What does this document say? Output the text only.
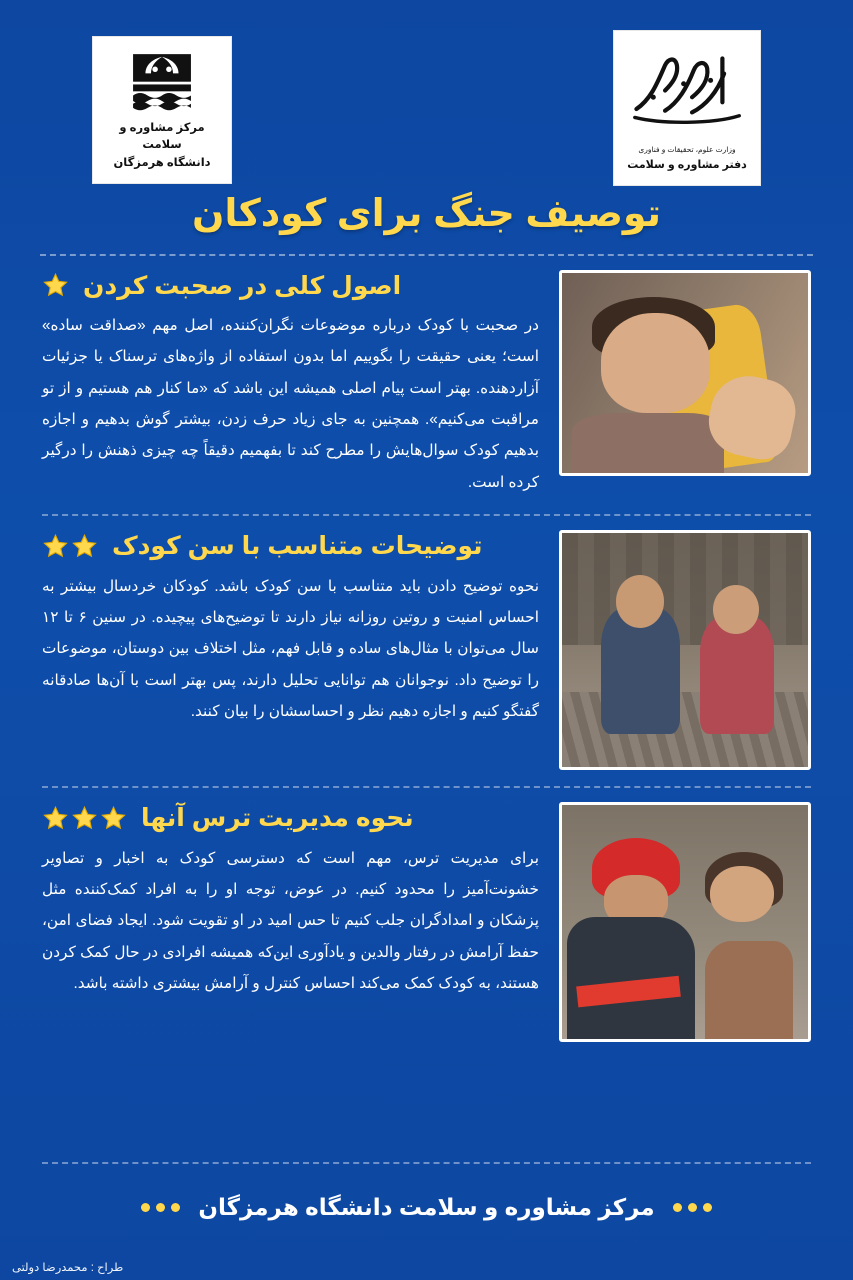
مرکز مشاوره و سلامت
دانشگاه هرمزگان
وزارت علوم، تحقیقات و فناوری
دفتر مشاوره و سلامت
توصیف جنگ برای کودکان
اصول کلی در صحبت کردن
در صحبت با کودک درباره موضوعات نگران‌کننده، اصل مهم «صداقت ساده» است؛ یعنی حقیقت را بگوییم اما بدون استفاده از واژه‌های ترسناک یا جزئیات آزاردهنده. بهتر است پیام اصلی همیشه این باشد که «ما کنار هم هستیم و از تو مراقبت می‌کنیم». همچنین به جای زیاد حرف زدن، بیشتر گوش بدهیم و اجازه بدهیم کودک سوال‌هایش را مطرح کند تا بفهمیم دقیقاً چه چیزی ذهنش را درگیر کرده است.
توضیحات متناسب با سن کودک
نحوه توضیح دادن باید متناسب با سن کودک باشد. کودکان خردسال بیشتر به احساس امنیت و روتین روزانه نیاز دارند تا توضیح‌های پیچیده. در سنین ۶ تا ۱۲ سال می‌توان با مثال‌های ساده و قابل فهم، مثل اختلاف بین دوستان، موضوعات را توضیح داد. نوجوانان هم توانایی تحلیل دارند، پس بهتر است با آن‌ها صادقانه گفتگو کنیم و اجازه دهیم نظر و احساسشان را بیان کنند.
نحوه مدیریت ترس آنها
برای مدیریت ترس، مهم است که دسترسی کودک به اخبار و تصاویر خشونت‌آمیز را محدود کنیم. در عوض، توجه او را به افراد کمک‌کننده مثل پزشکان و امدادگران جلب کنیم تا حس امید در او تقویت شود. ایجاد فضای امن، حفظ آرامش در رفتار والدین و یادآوری این‌که همیشه افرادی در حال کمک کردن هستند، به کودک کمک می‌کند احساس کنترل و آرامش بیشتری داشته باشد.
مرکز مشاوره و سلامت دانشگاه هرمزگان
طراح : محمدرضا دولتی
